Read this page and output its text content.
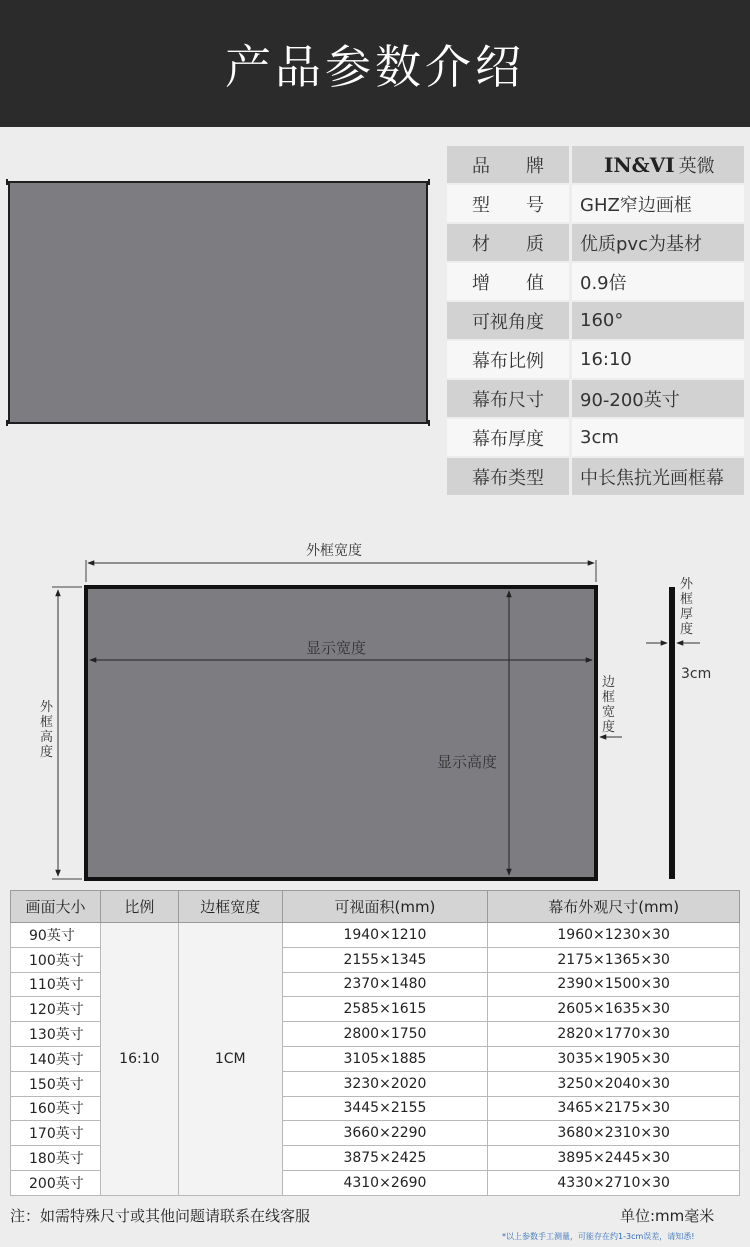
产品参数介绍
品　　牌	IN&VI 英微
型　　号	GHZ窄边画框
材　　质	优质pvc为基材
增　　值	0.9倍
可视角度	160°
幕布比例	16:10
幕布尺寸	90-200英寸
幕布厚度	3cm
幕布类型	中长焦抗光画框幕
外框宽度
显示宽度
外框高度
显示高度
边框宽度
外框厚度
3cm
画面大小	比例	边框宽度	可视面积(mm)	幕布外观尺寸(mm)
90英寸	16:10	1CM	1940×1210	1960×1230×30
100英寸			2155×1345	2175×1365×30
110英寸			2370×1480	2390×1500×30
120英寸			2585×1615	2605×1635×30
130英寸			2800×1750	2820×1770×30
140英寸			3105×1885	3035×1905×30
150英寸			3230×2020	3250×2040×30
160英寸			3445×2155	3465×2175×30
170英寸			3660×2290	3680×2310×30
180英寸			3875×2425	3895×2445×30
200英寸			4310×2690	4330×2710×30
注：如需特殊尺寸或其他问题请联系在线客服	单位:mm毫米
*以上参数手工测量，可能存在约1-3cm误差，请知悉!
